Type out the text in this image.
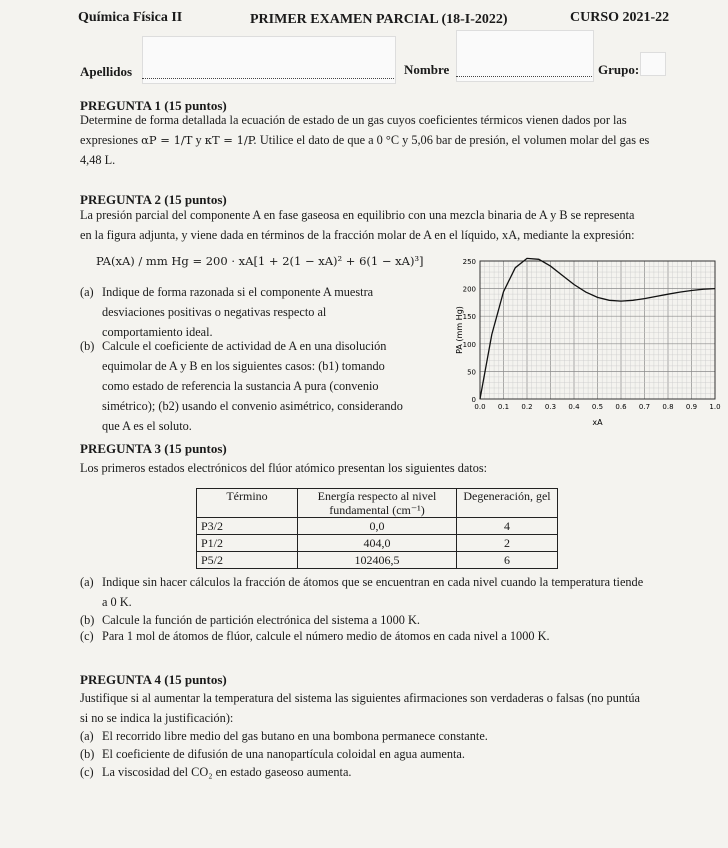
Química Física II	PRIMER EXAMEN PARCIAL (18-I-2022)	CURSO 2021-22
Apellidos	Nombre	Grupo:
PREGUNTA 1 (15 puntos)
Determine de forma detallada la ecuación de estado de un gas cuyos coeficientes térmicos vienen dados por las
expresiones αP = 1/T y κT = 1/P. Utilice el dato de que a 0 °C y 5,06 bar de presión, el volumen molar del gas es
4,48 L.
PREGUNTA 2 (15 puntos)
La presión parcial del componente A en fase gaseosa en equilibrio con una mezcla binaria de A y B se representa
en la figura adjunta, y viene dada en términos de la fracción molar de A en el líquido, xA, mediante la expresión:
PA(xA) / mm Hg = 200 · xA[1 + 2(1 − xA)² + 6(1 − xA)³]
(a) Indique de forma razonada si el componente A muestra
desviaciones positivas o negativas respecto al
comportamiento ideal.
(b) Calcule el coeficiente de actividad de A en una disolución
equimolar de A y B en los siguientes casos: (b1) tomando
como estado de referencia la sustancia A pura (convenio
simétrico); (b2) usando el convenio asimétrico, considerando
que A es el soluto.
0.0 0.1 0.2 0.3 0.4 0.5 0.6 0.7 0.8 0.9 1.0
0
50
100
150
200
250
xA
PA (mm Hg)
PREGUNTA 3 (15 puntos)
Los primeros estados electrónicos del flúor atómico presentan los siguientes datos:
Término	Energía respecto al nivel fundamental (cm⁻¹)	Degeneración, gel
P3/2	0,0	4
P1/2	404,0	2
P5/2	102406,5	6
(a) Indique sin hacer cálculos la fracción de átomos que se encuentran en cada nivel cuando la temperatura tiende
a 0 K.
(b) Calcule la función de partición electrónica del sistema a 1000 K.
(c) Para 1 mol de átomos de flúor, calcule el número medio de átomos en cada nivel a 1000 K.
PREGUNTA 4 (15 puntos)
Justifique si al aumentar la temperatura del sistema las siguientes afirmaciones son verdaderas o falsas (no puntúa
si no se indica la justificación):
(a) El recorrido libre medio del gas butano en una bombona permanece constante.
(b) El coeficiente de difusión de una nanopartícula coloidal en agua aumenta.
(c) La viscosidad del CO₂ en estado gaseoso aumenta.
